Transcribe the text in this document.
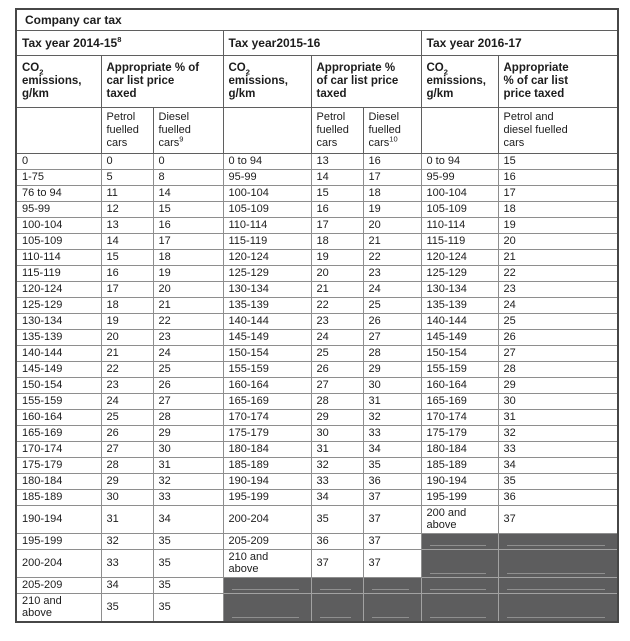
Company car tax							
Tax year $2014-15^8$			Tax year2015-16			Tax year 2016-17	
$CO_2$ emissions, g/km	Appropriate % of car list price taxed		$CO_2$ emissions, g/km	Appropriate % of car list price taxed		$CO_2$ emissions, g/km	Appropriate % of car list price taxed
	Petrol fuelled cars	Diesel fuelled cars$^9$		Petrol fuelled cars	Diesel fuelled cars$^{10}$		Petrol and diesel fuelled cars
0	0	0	0 to 94	13	16	0 to 94	15
1-75	5	8	95-99	14	17	95-99	16
76 to 94	11	14	100-104	15	18	100-104	17
95-99	12	15	105-109	16	19	105-109	18
100-104	13	16	110-114	17	20	110-114	19
105-109	14	17	115-119	18	21	115-119	20
110-114	15	18	120-124	19	22	120-124	21
115-119	16	19	125-129	20	23	125-129	22
120-124	17	20	130-134	21	24	130-134	23
125-129	18	21	135-139	22	25	135-139	24
130-134	19	22	140-144	23	26	140-144	25
135-139	20	23	145-149	24	27	145-149	26
140-144	21	24	150-154	25	28	150-154	27
145-149	22	25	155-159	26	29	155-159	28
150-154	23	26	160-164	27	30	160-164	29
155-159	24	27	165-169	28	31	165-169	30
160-164	25	28	170-174	29	32	170-174	31
165-169	26	29	175-179	30	33	175-179	32
170-174	27	30	180-184	31	34	180-184	33
175-179	28	31	185-189	32	35	185-189	34
180-184	29	32	190-194	33	36	190-194	35
185-189	30	33	195-199	34	37	195-199	36
190-194	31	34	200-204	35	37	200 and above	37
195-199	32	35	205-209	36	37		
200-204	33	35	210 and above	37	37		
205-209	34	35					
210 and above	35	35					
